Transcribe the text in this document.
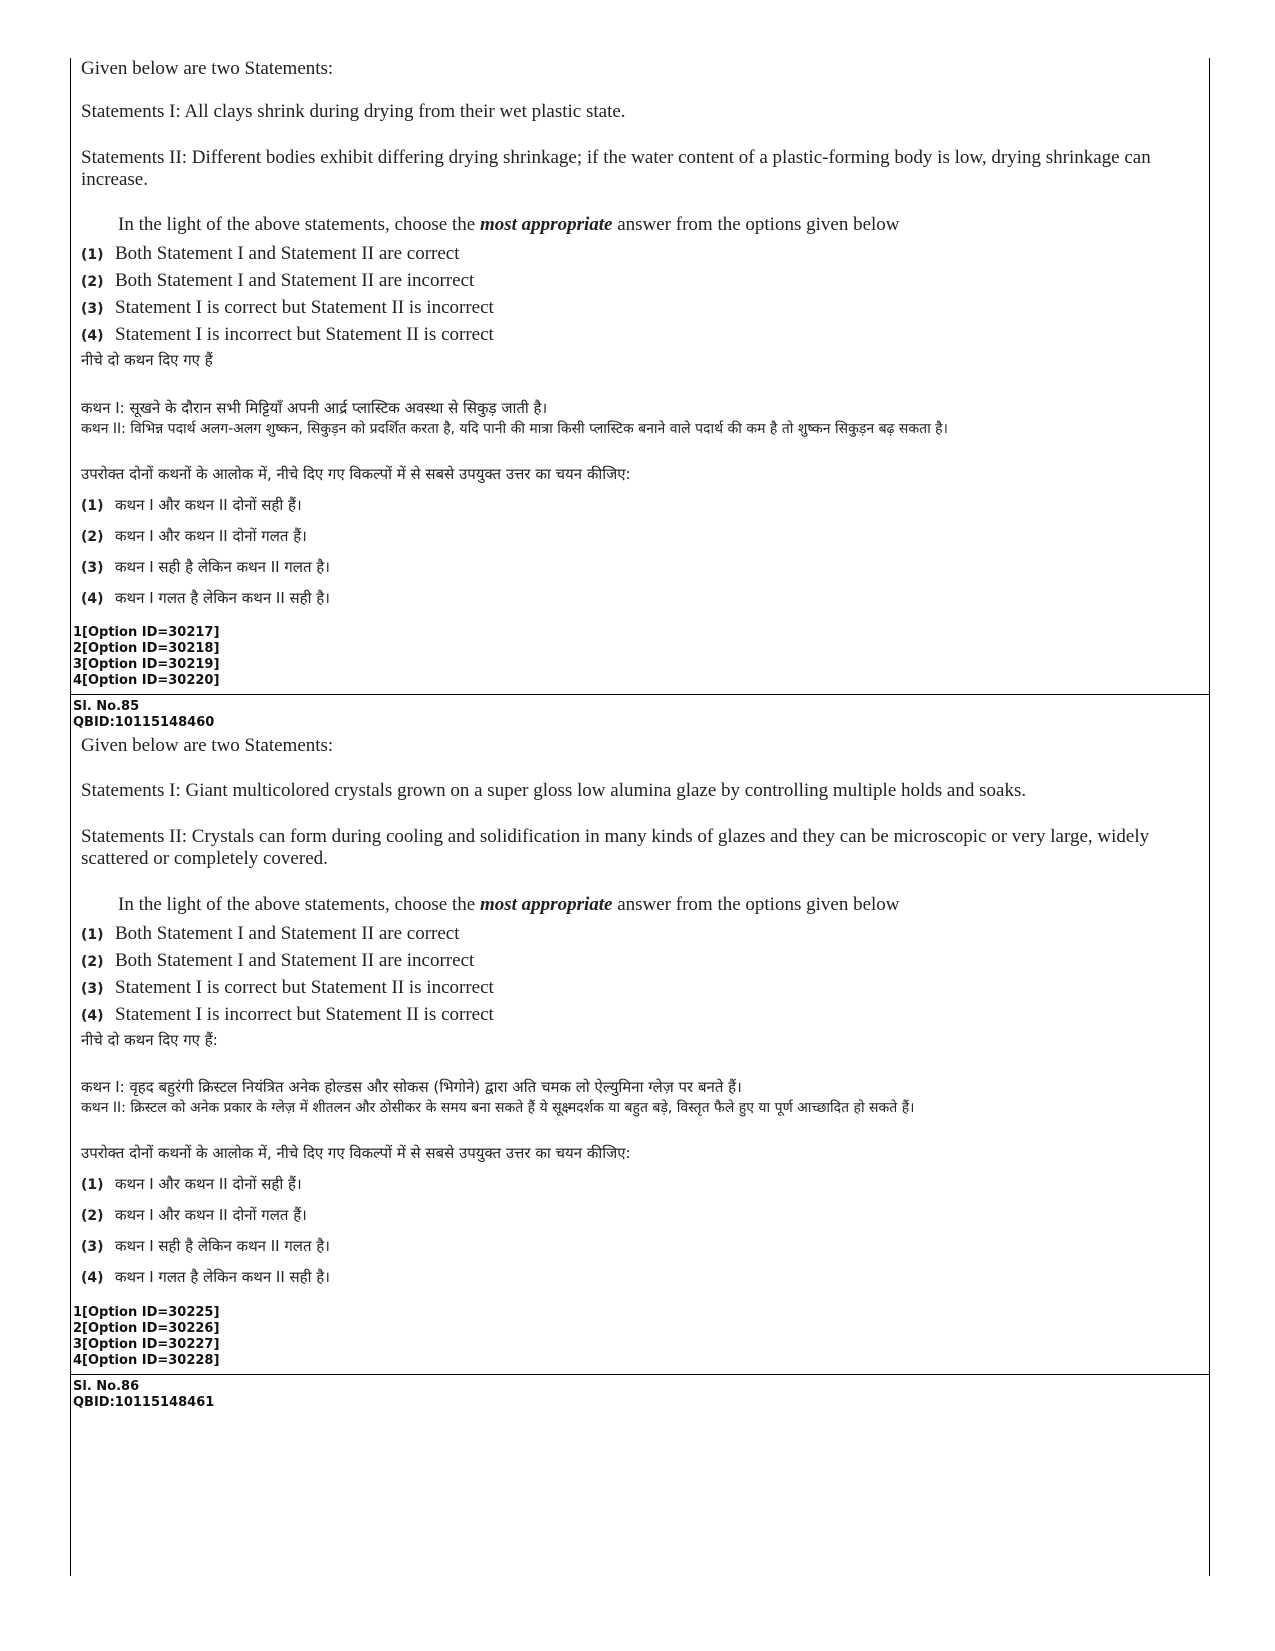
Given below are two Statements:

Statements I: All clays shrink during drying from their wet plastic state.

Statements II: Different bodies exhibit differing drying shrinkage; if the water content of a plastic-forming body is low, drying shrinkage can increase.

In the light of the above statements, choose the most appropriate answer from the options given below

(1) Both Statement I and Statement II are correct

(2) Both Statement I and Statement II are incorrect

(3) Statement I is correct but Statement II is incorrect

(4) Statement I is incorrect but Statement II is correct

नीचे दो कथन दिए गए हैं

कथन I: सूखने के दौरान सभी मिट्टियाँ अपनी आर्द्र प्लास्टिक अवस्था से सिकुड़ जाती है।

कथन II: विभिन्न पदार्थ अलग-अलग शुष्कन, सिकुड़न को प्रदर्शित करता है, यदि पानी की मात्रा किसी प्लास्टिक बनाने वाले पदार्थ की कम है तो शुष्कन सिकुड़न बढ़ सकता है।

उपरोक्त दोनों कथनों के आलोक में, नीचे दिए गए विकल्पों में से सबसे उपयुक्त उत्तर का चयन कीजिए:

(1) कथन I और कथन II दोनों सही हैं।

(2) कथन I और कथन II दोनों गलत हैं।

(3) कथन I सही है लेकिन कथन II गलत है।

(4) कथन I गलत है लेकिन कथन II सही है।

1[Option ID=30217]

2[Option ID=30218]

3[Option ID=30219]

4[Option ID=30220]

Sl. No.85

QBID:10115148460

Given below are two Statements:

Statements I: Giant multicolored crystals grown on a super gloss low alumina glaze by controlling multiple holds and soaks.

Statements II: Crystals can form during cooling and solidification in many kinds of glazes and they can be microscopic or very large, widely scattered or completely covered.

In the light of the above statements, choose the most appropriate answer from the options given below

(1) Both Statement I and Statement II are correct

(2) Both Statement I and Statement II are incorrect

(3) Statement I is correct but Statement II is incorrect

(4) Statement I is incorrect but Statement II is correct

नीचे दो कथन दिए गए हैं:

कथन I: वृहद बहुरंगी क्रिस्टल नियंत्रित अनेक होल्डस और सोकस (भिगोने) द्वारा अति चमक लो ऐल्युमिना ग्लेज़ पर बनते हैं।

कथन II: क्रिस्टल को अनेक प्रकार के ग्लेज़ में शीतलन और ठोसीकर के समय बना सकते हैं ये सूक्ष्मदर्शक या बहुत बड़े, विस्तृत फैले हुए या पूर्ण आच्छादित हो सकते हैं।

उपरोक्त दोनों कथनों के आलोक में, नीचे दिए गए विकल्पों में से सबसे उपयुक्त उत्तर का चयन कीजिए:

(1) कथन I और कथन II दोनों सही हैं।

(2) कथन I और कथन II दोनों गलत हैं।

(3) कथन I सही है लेकिन कथन II गलत है।

(4) कथन I गलत है लेकिन कथन II सही है।

1[Option ID=30225]

2[Option ID=30226]

3[Option ID=30227]

4[Option ID=30228]

Sl. No.86

QBID:10115148461
